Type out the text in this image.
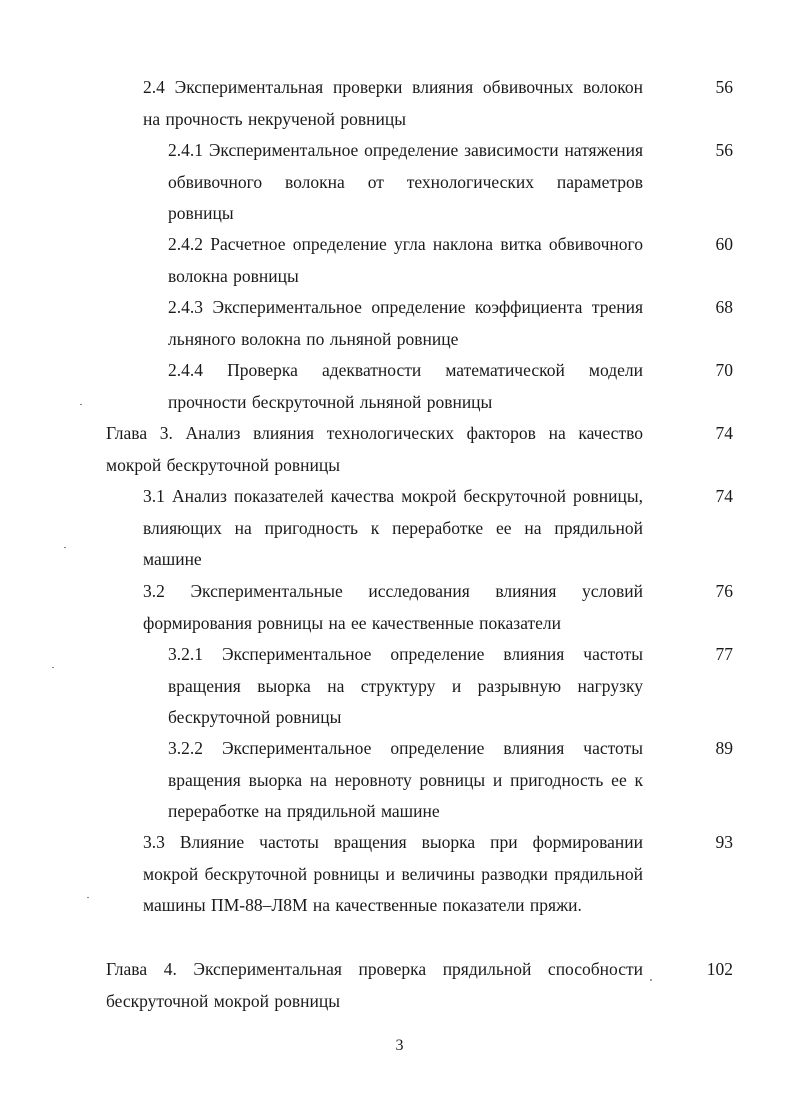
2.4 Экспериментальная проверки влияния обвивочных волокон на прочность некрученой ровницы
56
2.4.1 Экспериментальное определение зависимости натяжения обвивочного волокна от технологических параметров ровницы
56
2.4.2 Расчетное определение угла наклона витка обвивочного волокна ровницы
60
2.4.3 Экспериментальное определение коэффициента трения льняного волокна по льняной ровнице
68
2.4.4 Проверка адекватности математической модели прочности бескруточной льняной ровницы
70
Глава 3. Анализ влияния технологических факторов на качество мокрой бескруточной ровницы
74
3.1 Анализ показателей качества мокрой бескруточной ровницы, влияющих на пригодность к переработке ее на прядильной машине
74
3.2 Экспериментальные исследования влияния условий формирования ровницы на ее качественные показатели
76
3.2.1 Экспериментальное определение влияния частоты вращения выорка на структуру и разрывную нагрузку бескруточной ровницы
77
3.2.2 Экспериментальное определение влияния частоты вращения выорка на неровноту ровницы и пригодность ее к переработке на прядильной машине
89
3.3 Влияние частоты вращения выорка при формировании мокрой бескруточной ровницы и величины разводки прядильной машины ПМ-88–Л8М на качественные показатели пряжи.
93
Глава 4. Экспериментальная проверка прядильной способности бескруточной мокрой ровницы
102
3
